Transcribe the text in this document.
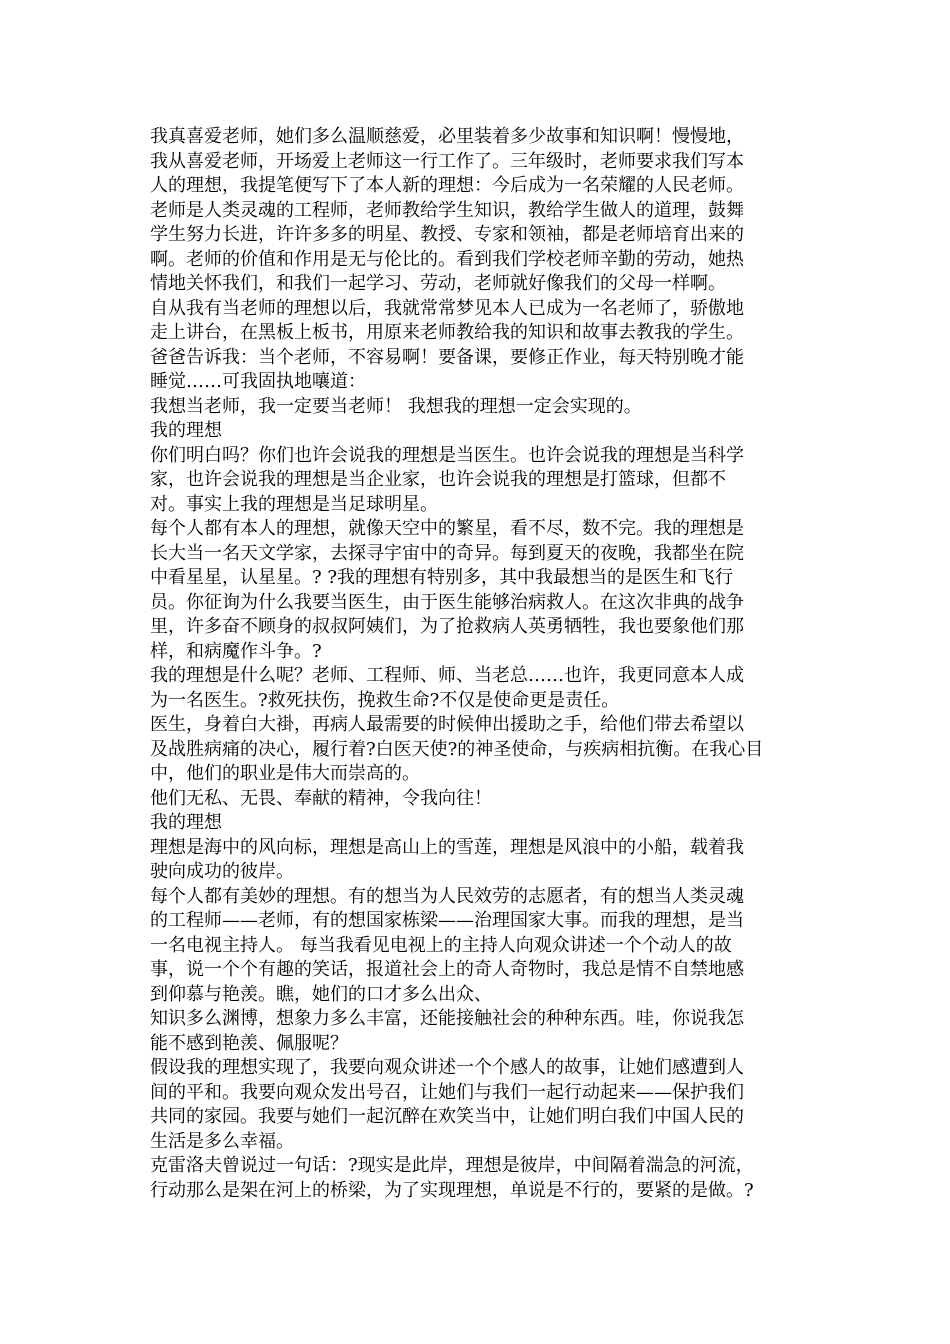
我真喜爱老师，她们多么温顺慈爱，必里装着多少故事和知识啊！慢慢地，
我从喜爱老师，开场爱上老师这一行工作了。三年级时，老师要求我们写本
人的理想，我提笔便写下了本人新的理想：今后成为一名荣耀的人民老师。

老师是人类灵魂的工程师，老师教给学生知识，教给学生做人的道理，鼓舞
学生努力长进，许许多多的明星、教授、专家和领袖，都是老师培育出来的
啊。老师的价值和作用是无与伦比的。看到我们学校老师辛勤的劳动，她热
情地关怀我们，和我们一起学习、劳动，老师就好像我们的父母一样啊。

自从我有当老师的理想以后，我就常常梦见本人已成为一名老师了，骄傲地
走上讲台，在黑板上板书，用原来老师教给我的知识和故事去教我的学生。

爸爸告诉我：当个老师，不容易啊！要备课，要修正作业，每天特别晚才能
睡觉……可我固执地嚷道：

我想当老师，我一定要当老师！ 我想我的理想一定会实现的。

我的理想

你们明白吗？你们也许会说我的理想是当医生。也许会说我的理想是当科学
家，也许会说我的理想是当企业家，也许会说我的理想是打篮球，但都不
对。事实上我的理想是当足球明星。

每个人都有本人的理想，就像天空中的繁星，看不尽，数不完。我的理想是
长大当一名天文学家，去探寻宇宙中的奇异。每到夏天的夜晚，我都坐在院
中看星星，认星星。? ?我的理想有特别多，其中我最想当的是医生和飞行
员。你征询为什么我要当医生，由于医生能够治病救人。在这次非典的战争
里，许多奋不顾身的叔叔阿姨们，为了抢救病人英勇牺牲，我也要象他们那
样，和病魔作斗争。?

我的理想是什么呢？老师、工程师、师、当老总……也许，我更同意本人成
为一名医生。?救死扶伤，挽救生命?不仅是使命更是责任。

医生，身着白大褂，再病人最需要的时候伸出援助之手，给他们带去希望以
及战胜病痛的决心，履行着?白医天使?的神圣使命，与疾病相抗衡。在我心目
中，他们的职业是伟大而崇高的。

他们无私、无畏、奉献的精神，令我向往！

我的理想

理想是海中的风向标，理想是高山上的雪莲，理想是风浪中的小船，载着我
驶向成功的彼岸。

每个人都有美妙的理想。有的想当为人民效劳的志愿者，有的想当人类灵魂
的工程师——老师，有的想国家栋梁——治理国家大事。而我的理想，是当
一名电视主持人。 每当我看见电视上的主持人向观众讲述一个个动人的故
事，说一个个有趣的笑话，报道社会上的奇人奇物时，我总是情不自禁地感
到仰慕与艳羡。瞧，她们的口才多么出众、

知识多么渊博，想象力多么丰富，还能接触社会的种种东西。哇，你说我怎
能不感到艳羡、佩服呢？

假设我的理想实现了，我要向观众讲述一个个感人的故事，让她们感遭到人
间的平和。我要向观众发出号召，让她们与我们一起行动起来——保护我们
共同的家园。我要与她们一起沉醉在欢笑当中，让她们明白我们中国人民的
生活是多么幸福。

克雷洛夫曾说过一句话：?现实是此岸，理想是彼岸，中间隔着湍急的河流，
行动那么是架在河上的桥梁，为了实现理想，单说是不行的，要紧的是做。?
